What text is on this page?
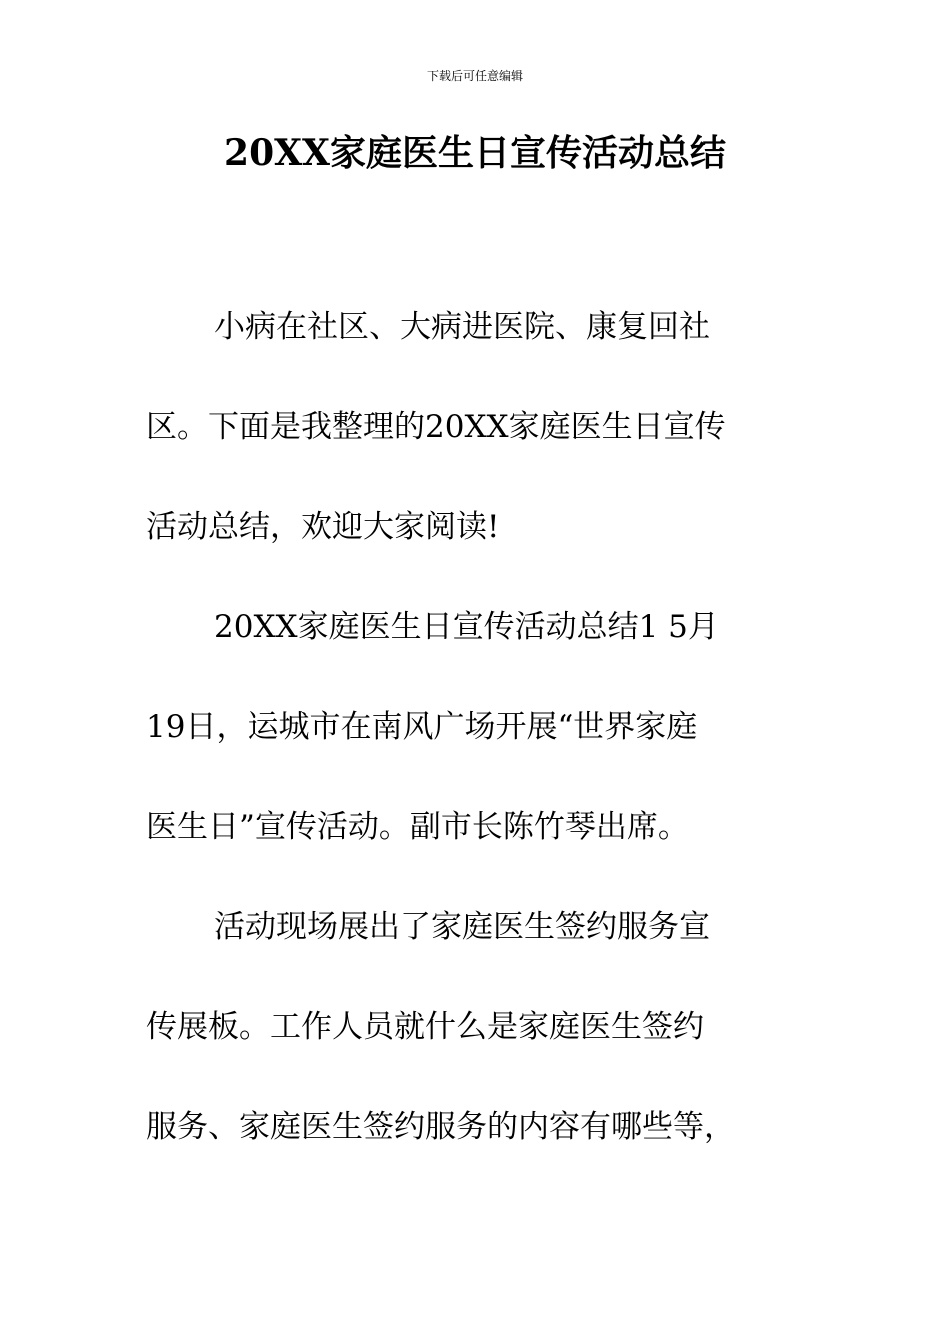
下载后可任意编辑
20XX家庭医生日宣传活动总结
小病在社区、大病进医院、康复回社
区。下面是我整理的20XX家庭医生日宣传
活动总结，欢迎大家阅读!
20XX家庭医生日宣传活动总结1 5月
19日，运城市在南风广场开展“世界家庭
医生日”宣传活动。副市长陈竹琴出席。
活动现场展出了家庭医生签约服务宣
传展板。工作人员就什么是家庭医生签约
服务、家庭医生签约服务的内容有哪些等，
